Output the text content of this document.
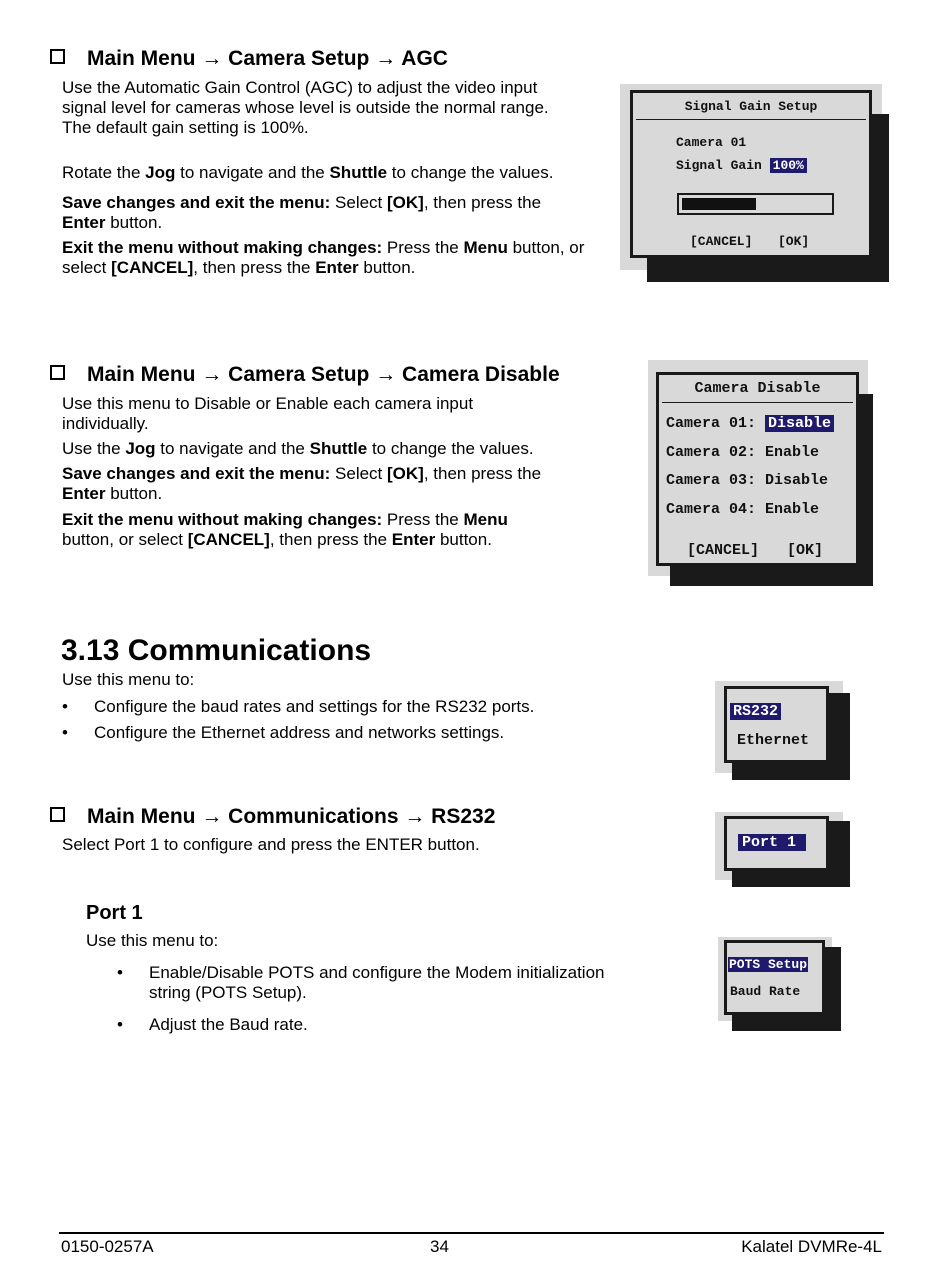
Main Menu → Camera Setup → AGC

Use the Automatic Gain Control (AGC) to adjust the video input signal level for cameras whose level is outside the normal range. The default gain setting is 100%.

Rotate the Jog to navigate and the Shuttle to change the values.

Save changes and exit the menu: Select [OK], then press the Enter button.

Exit the menu without making changes: Press the Menu button, or select [CANCEL], then press the Enter button.

Signal Gain Setup
Camera 01
Signal Gain 100%
[CANCEL] [OK]
Main Menu → Camera Setup → Camera Disable

Use this menu to Disable or Enable each camera input individually.

Use the Jog to navigate and the Shuttle to change the values.

Save changes and exit the menu: Select [OK], then press the Enter button.

Exit the menu without making changes: Press the Menu button, or select [CANCEL], then press the Enter button.

Camera Disable
Camera 01: Disable
Camera 02: Enable
Camera 03: Disable
Camera 04: Enable
[CANCEL] [OK]
3.13 Communications
Use this menu to:
• Configure the baud rates and settings for the RS232 ports.
• Configure the Ethernet address and networks settings.
RS232
Ethernet
Main Menu → Communications → RS232
Select Port 1 to configure and press the ENTER button.	Port 1
Port 1
Use this menu to:
• Enable/Disable POTS and configure the Modem initialization string (POTS Setup).
• Adjust the Baud rate.
POTS Setup
Baud Rate
0150-0257A	34	Kalatel DVMRe-4L
